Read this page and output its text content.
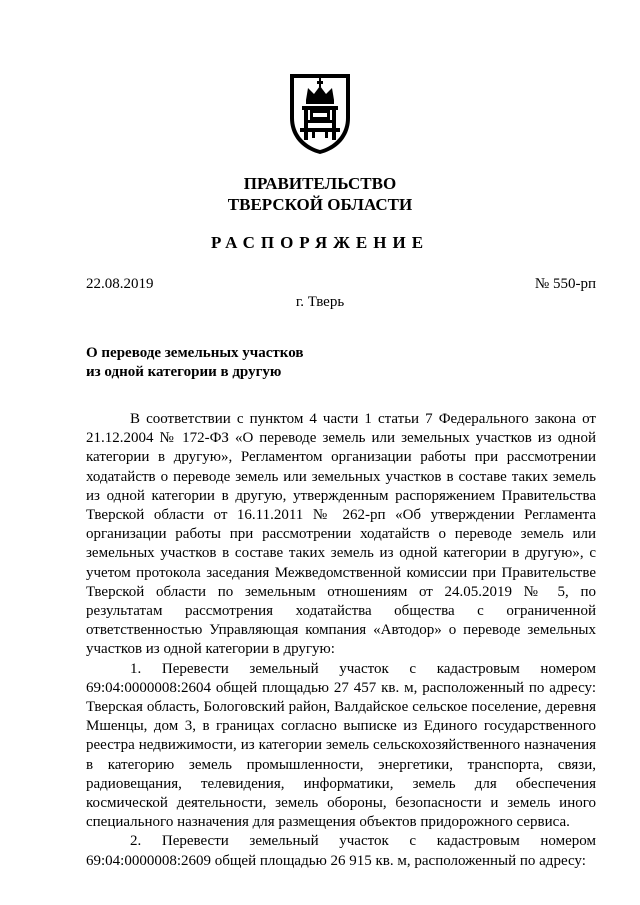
ПРАВИТЕЛЬСТВО
ТВЕРСКОЙ ОБЛАСТИ
РАСПОРЯЖЕНИЕ
22.08.2019	№ 550-рп
г. Тверь
О переводе земельных участков
из одной категории в другую

В соответствии с пунктом 4 части 1 статьи 7 Федерального закона от 21.12.2004 № 172-ФЗ «О переводе земель или земельных участков из одной категории в другую», Регламентом организации работы при рассмотрении ходатайств о переводе земель или земельных участков в составе таких земель из одной категории в другую, утвержденным распоряжением Правительства Тверской области от 16.11.2011 № 262-рп «Об утверждении Регламента организации работы при рассмотрении ходатайств о переводе земель или земельных участков в составе таких земель из одной категории в другую», с учетом протокола заседания Межведомственной комиссии при Правительстве Тверской области по земельным отношениям от 24.05.2019 № 5, по результатам рассмотрения ходатайства общества с ограниченной ответственностью Управляющая компания «Автодор» о переводе земельных участков из одной категории в другую:

1. Перевести земельный участок с кадастровым номером 69:04:0000008:2604 общей площадью 27 457 кв. м, расположенный по адресу: Тверская область, Бологовский район, Валдайское сельское поселение, деревня Мшенцы, дом 3, в границах согласно выписке из Единого государственного реестра недвижимости, из категории земель сельскохозяйственного назначения в категорию земель промышленности, энергетики, транспорта, связи, радиовещания, телевидения, информатики, земель для обеспечения космической деятельности, земель обороны, безопасности и земель иного специального назначения для размещения объектов придорожного сервиса.

2. Перевести земельный участок с кадастровым номером 69:04:0000008:2609 общей площадью 26 915 кв. м, расположенный по адресу:
